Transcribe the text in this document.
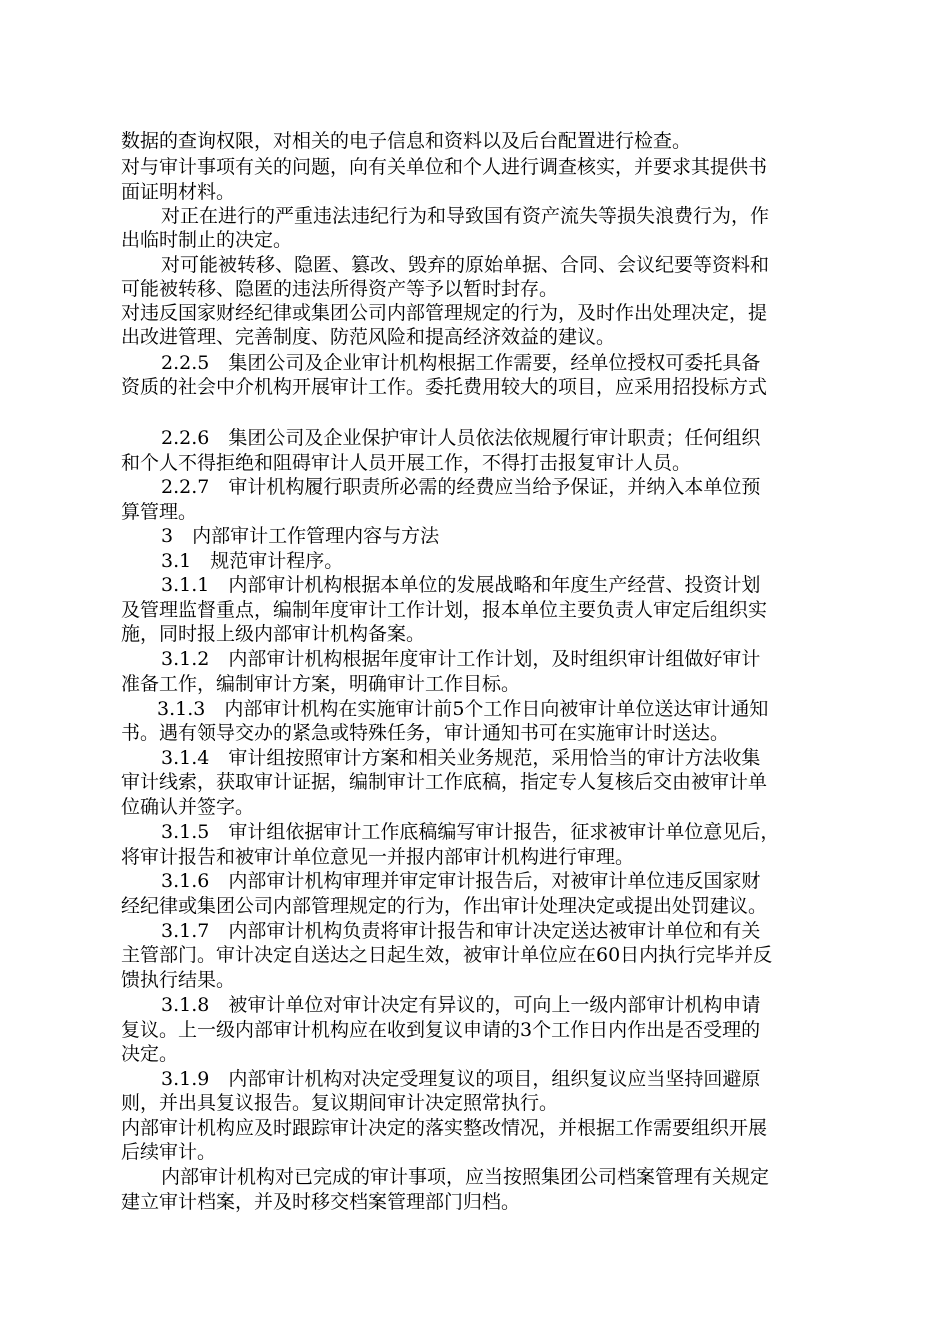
数据的查询权限，对相关的电子信息和资料以及后台配置进行检查。
对与审计事项有关的问题，向有关单位和个人进行调查核实，并要求其提供书
面证明材料。
对正在进行的严重违法违纪行为和导致国有资产流失等损失浪费行为，作
出临时制止的决定。
对可能被转移、隐匿、篡改、毁弃的原始单据、合同、会议纪要等资料和
可能被转移、隐匿的违法所得资产等予以暂时封存。
对违反国家财经纪律或集团公司内部管理规定的行为，及时作出处理决定，提
出改进管理、完善制度、防范风险和提高经济效益的建议。
2.2.5　集团公司及企业审计机构根据工作需要，经单位授权可委托具备
资质的社会中介机构开展审计工作。委托费用较大的项目，应采用招投标方式
2.2.6　集团公司及企业保护审计人员依法依规履行审计职责；任何组织
和个人不得拒绝和阻碍审计人员开展工作，不得打击报复审计人员。
2.2.7　审计机构履行职责所必需的经费应当给予保证，并纳入本单位预
算管理。
3　内部审计工作管理内容与方法
3.1　规范审计程序。
3.1.1　内部审计机构根据本单位的发展战略和年度生产经营、投资计划
及管理监督重点，编制年度审计工作计划，报本单位主要负责人审定后组织实
施，同时报上级内部审计机构备案。
3.1.2　内部审计机构根据年度审计工作计划，及时组织审计组做好审计
准备工作，编制审计方案，明确审计工作目标。
3.1.3　内部审计机构在实施审计前5个工作日向被审计单位送达审计通知
书。遇有领导交办的紧急或特殊任务，审计通知书可在实施审计时送达。
3.1.4　审计组按照审计方案和相关业务规范，采用恰当的审计方法收集
审计线索，获取审计证据，编制审计工作底稿，指定专人复核后交由被审计单
位确认并签字。
3.1.5　审计组依据审计工作底稿编写审计报告，征求被审计单位意见后，
将审计报告和被审计单位意见一并报内部审计机构进行审理。
3.1.6　内部审计机构审理并审定审计报告后，对被审计单位违反国家财
经纪律或集团公司内部管理规定的行为，作出审计处理决定或提出处罚建议。
3.1.7　内部审计机构负责将审计报告和审计决定送达被审计单位和有关
主管部门。审计决定自送达之日起生效，被审计单位应在60日内执行完毕并反
馈执行结果。
3.1.8　被审计单位对审计决定有异议的，可向上一级内部审计机构申请
复议。上一级内部审计机构应在收到复议申请的3个工作日内作出是否受理的
决定。
3.1.9　内部审计机构对决定受理复议的项目，组织复议应当坚持回避原
则，并出具复议报告。复议期间审计决定照常执行。
内部审计机构应及时跟踪审计决定的落实整改情况，并根据工作需要组织开展
后续审计。
内部审计机构对已完成的审计事项，应当按照集团公司档案管理有关规定
建立审计档案，并及时移交档案管理部门归档。
